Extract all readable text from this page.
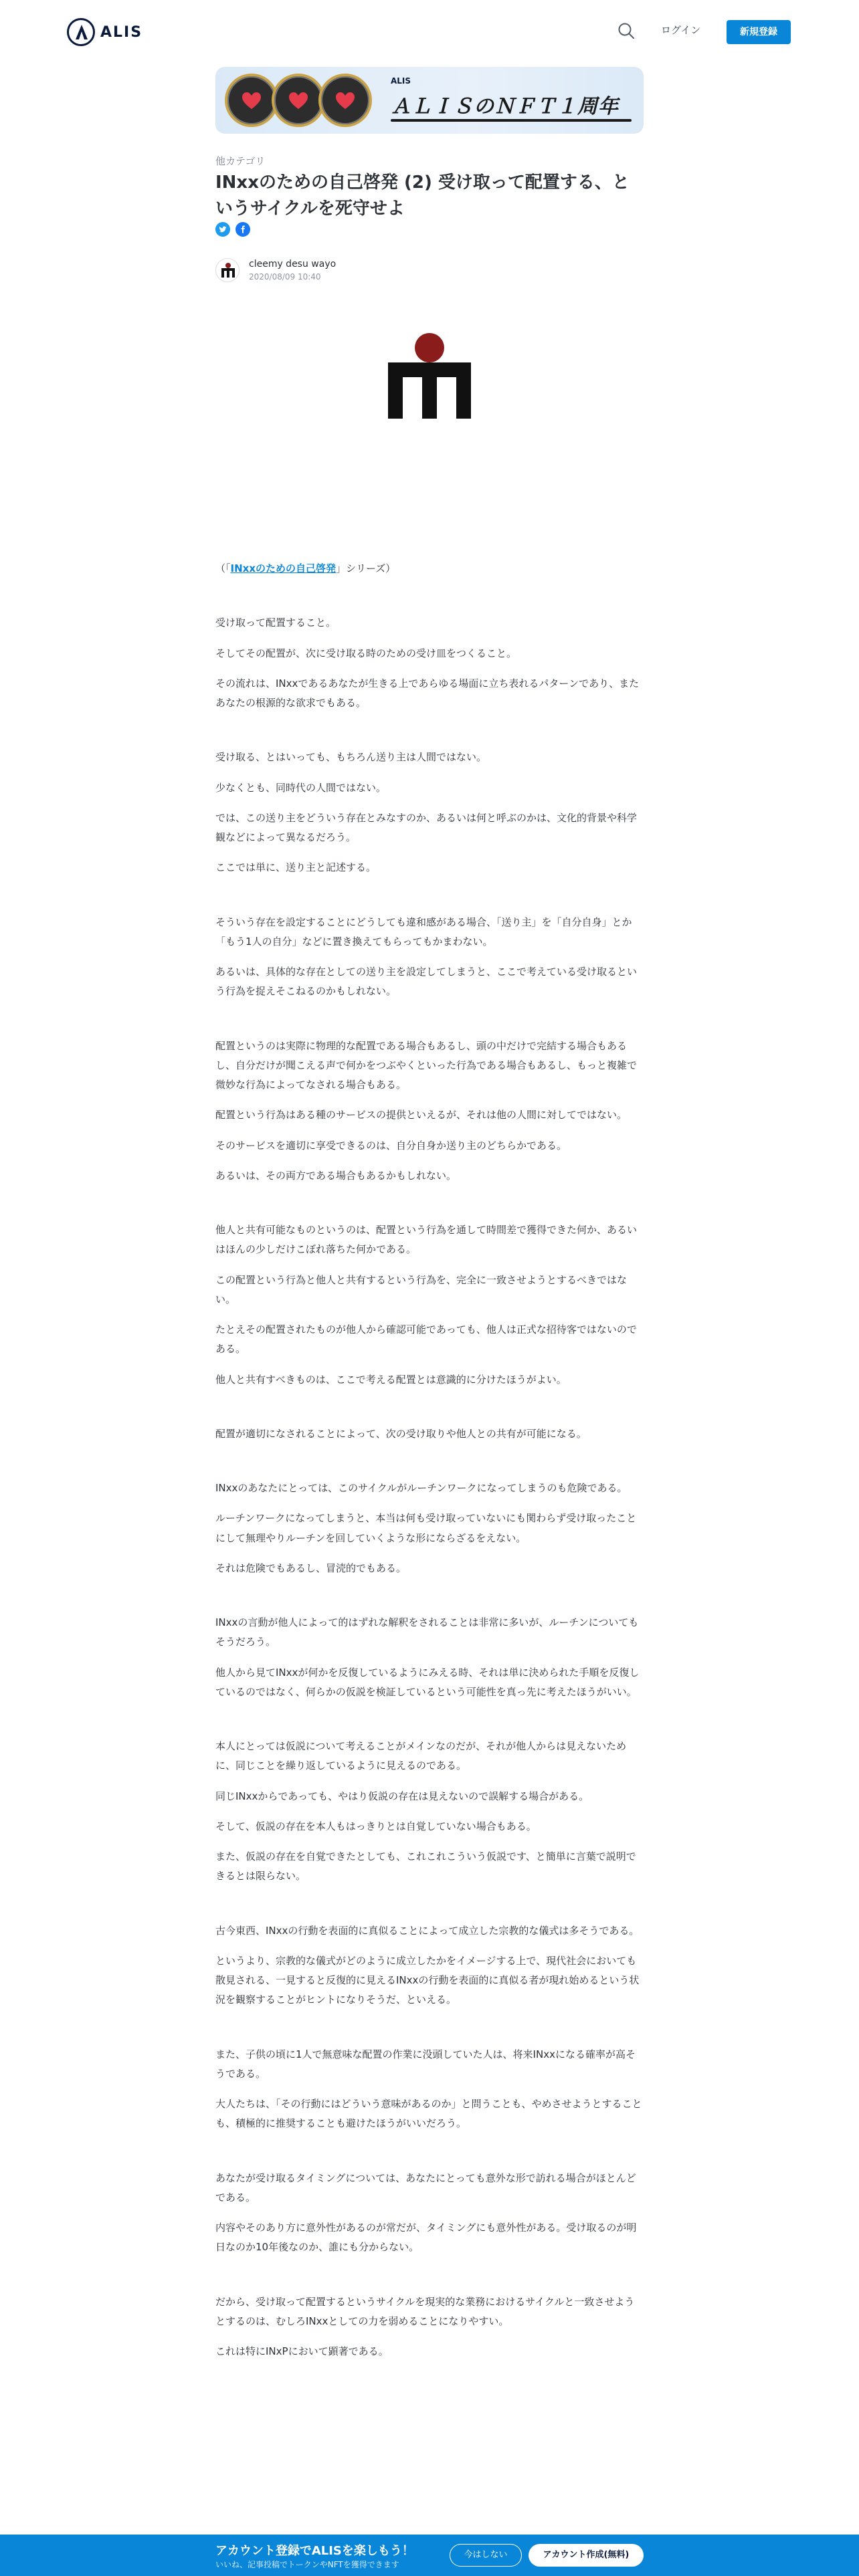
ALIS	ログイン	新規登録
ALIS
ＡＬＩＳのＮＦＴ１周年
他カテゴリ
INxxのための自己啓発 (2) 受け取って配置する、というサイクルを死守せよ
cleemy desu wayo
2020/08/09 10:40

（「INxxのための自己啓発」シリーズ）

受け取って配置すること。

そしてその配置が、次に受け取る時のための受け皿をつくること。

その流れは、INxxであるあなたが生きる上であらゆる場面に立ち表れるパターンであり、またあなたの根源的な欲求でもある。

受け取る、とはいっても、もちろん送り主は人間ではない。

少なくとも、同時代の人間ではない。

では、この送り主をどういう存在とみなすのか、あるいは何と呼ぶのかは、文化的背景や科学観などによって異なるだろう。

ここでは単に、送り主と記述する。

そういう存在を設定することにどうしても違和感がある場合、「送り主」を「自分自身」とか「もう1人の自分」などに置き換えてもらってもかまわない。

あるいは、具体的な存在としての送り主を設定してしまうと、ここで考えている受け取るという行為を捉えそこねるのかもしれない。

配置というのは実際に物理的な配置である場合もあるし、頭の中だけで完結する場合もあるし、自分だけが聞こえる声で何かをつぶやくといった行為である場合もあるし、もっと複雑で微妙な行為によってなされる場合もある。

配置という行為はある種のサービスの提供といえるが、それは他の人間に対してではない。

そのサービスを適切に享受できるのは、自分自身か送り主のどちらかである。

あるいは、その両方である場合もあるかもしれない。

他人と共有可能なものというのは、配置という行為を通して時間差で獲得できた何か、あるいはほんの少しだけこぼれ落ちた何かである。

この配置という行為と他人と共有するという行為を、完全に一致させようとするべきではない。

たとえその配置されたものが他人から確認可能であっても、他人は正式な招待客ではないのである。

他人と共有すべきものは、ここで考える配置とは意識的に分けたほうがよい。

配置が適切になされることによって、次の受け取りや他人との共有が可能になる。

INxxのあなたにとっては、このサイクルがルーチンワークになってしまうのも危険である。

ルーチンワークになってしまうと、本当は何も受け取っていないにも関わらず受け取ったことにして無理やりルーチンを回していくような形にならざるをえない。

それは危険でもあるし、冒涜的でもある。

INxxの言動が他人によって的はずれな解釈をされることは非常に多いが、ルーチンについてもそうだろう。

他人から見てINxxが何かを反復しているようにみえる時、それは単に決められた手順を反復しているのではなく、何らかの仮説を検証しているという可能性を真っ先に考えたほうがいい。

本人にとっては仮説について考えることがメインなのだが、それが他人からは見えないために、同じことを繰り返しているように見えるのである。

同じINxxからであっても、やはり仮説の存在は見えないので誤解する場合がある。

そして、仮説の存在を本人もはっきりとは自覚していない場合もある。

また、仮説の存在を自覚できたとしても、これこれこういう仮説です、と簡単に言葉で説明できるとは限らない。

古今東西、INxxの行動を表面的に真似ることによって成立した宗教的な儀式は多そうである。

というより、宗教的な儀式がどのように成立したかをイメージする上で、現代社会においても散見される、一見すると反復的に見えるINxxの行動を表面的に真似る者が現れ始めるという状況を観察することがヒントになりそうだ、といえる。

また、子供の頃に1人で無意味な配置の作業に没頭していた人は、将来INxxになる確率が高そうである。

大人たちは、「その行動にはどういう意味があるのか」と問うことも、やめさせようとすることも、積極的に推奨することも避けたほうがいいだろう。

あなたが受け取るタイミングについては、あなたにとっても意外な形で訪れる場合がほとんどである。

内容やそのあり方に意外性があるのが常だが、タイミングにも意外性がある。受け取るのが明日なのか10年後なのか、誰にも分からない。

だから、受け取って配置するというサイクルを現実的な業務におけるサイクルと一致させようとするのは、むしろINxxとしての力を弱めることになりやすい。

これは特にINxPにおいて顕著である。

アカウント登録でALISを楽しもう！
いいね、記事投稿でトークンやNFTを獲得できます
今はしない	アカウント作成(無料)
